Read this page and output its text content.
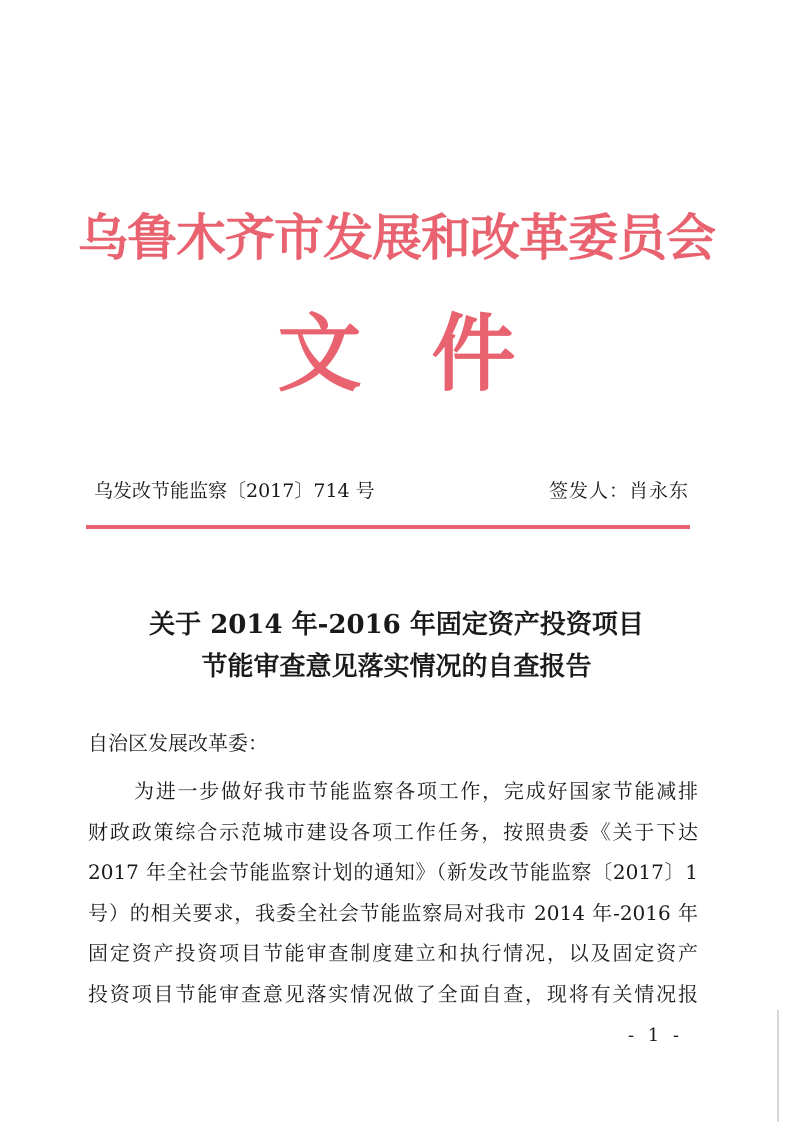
乌鲁木齐市发展和改革委员会
文件
乌发改节能监察〔2017〕714 号	签发人：肖永东
关于 2014 年-2016 年固定资产投资项目
节能审查意见落实情况的自查报告
自治区发展改革委：
为进一步做好我市节能监察各项工作，完成好国家节能减排
财政政策综合示范城市建设各项工作任务，按照贵委《关于下达
2017 年全社会节能监察计划的通知》（新发改节能监察〔2017〕1
号）的相关要求，我委全社会节能监察局对我市 2014 年-2016 年
固定资产投资项目节能审查制度建立和执行情况，以及固定资产
投资项目节能审查意见落实情况做了全面自查，现将有关情况报
- 1 -
